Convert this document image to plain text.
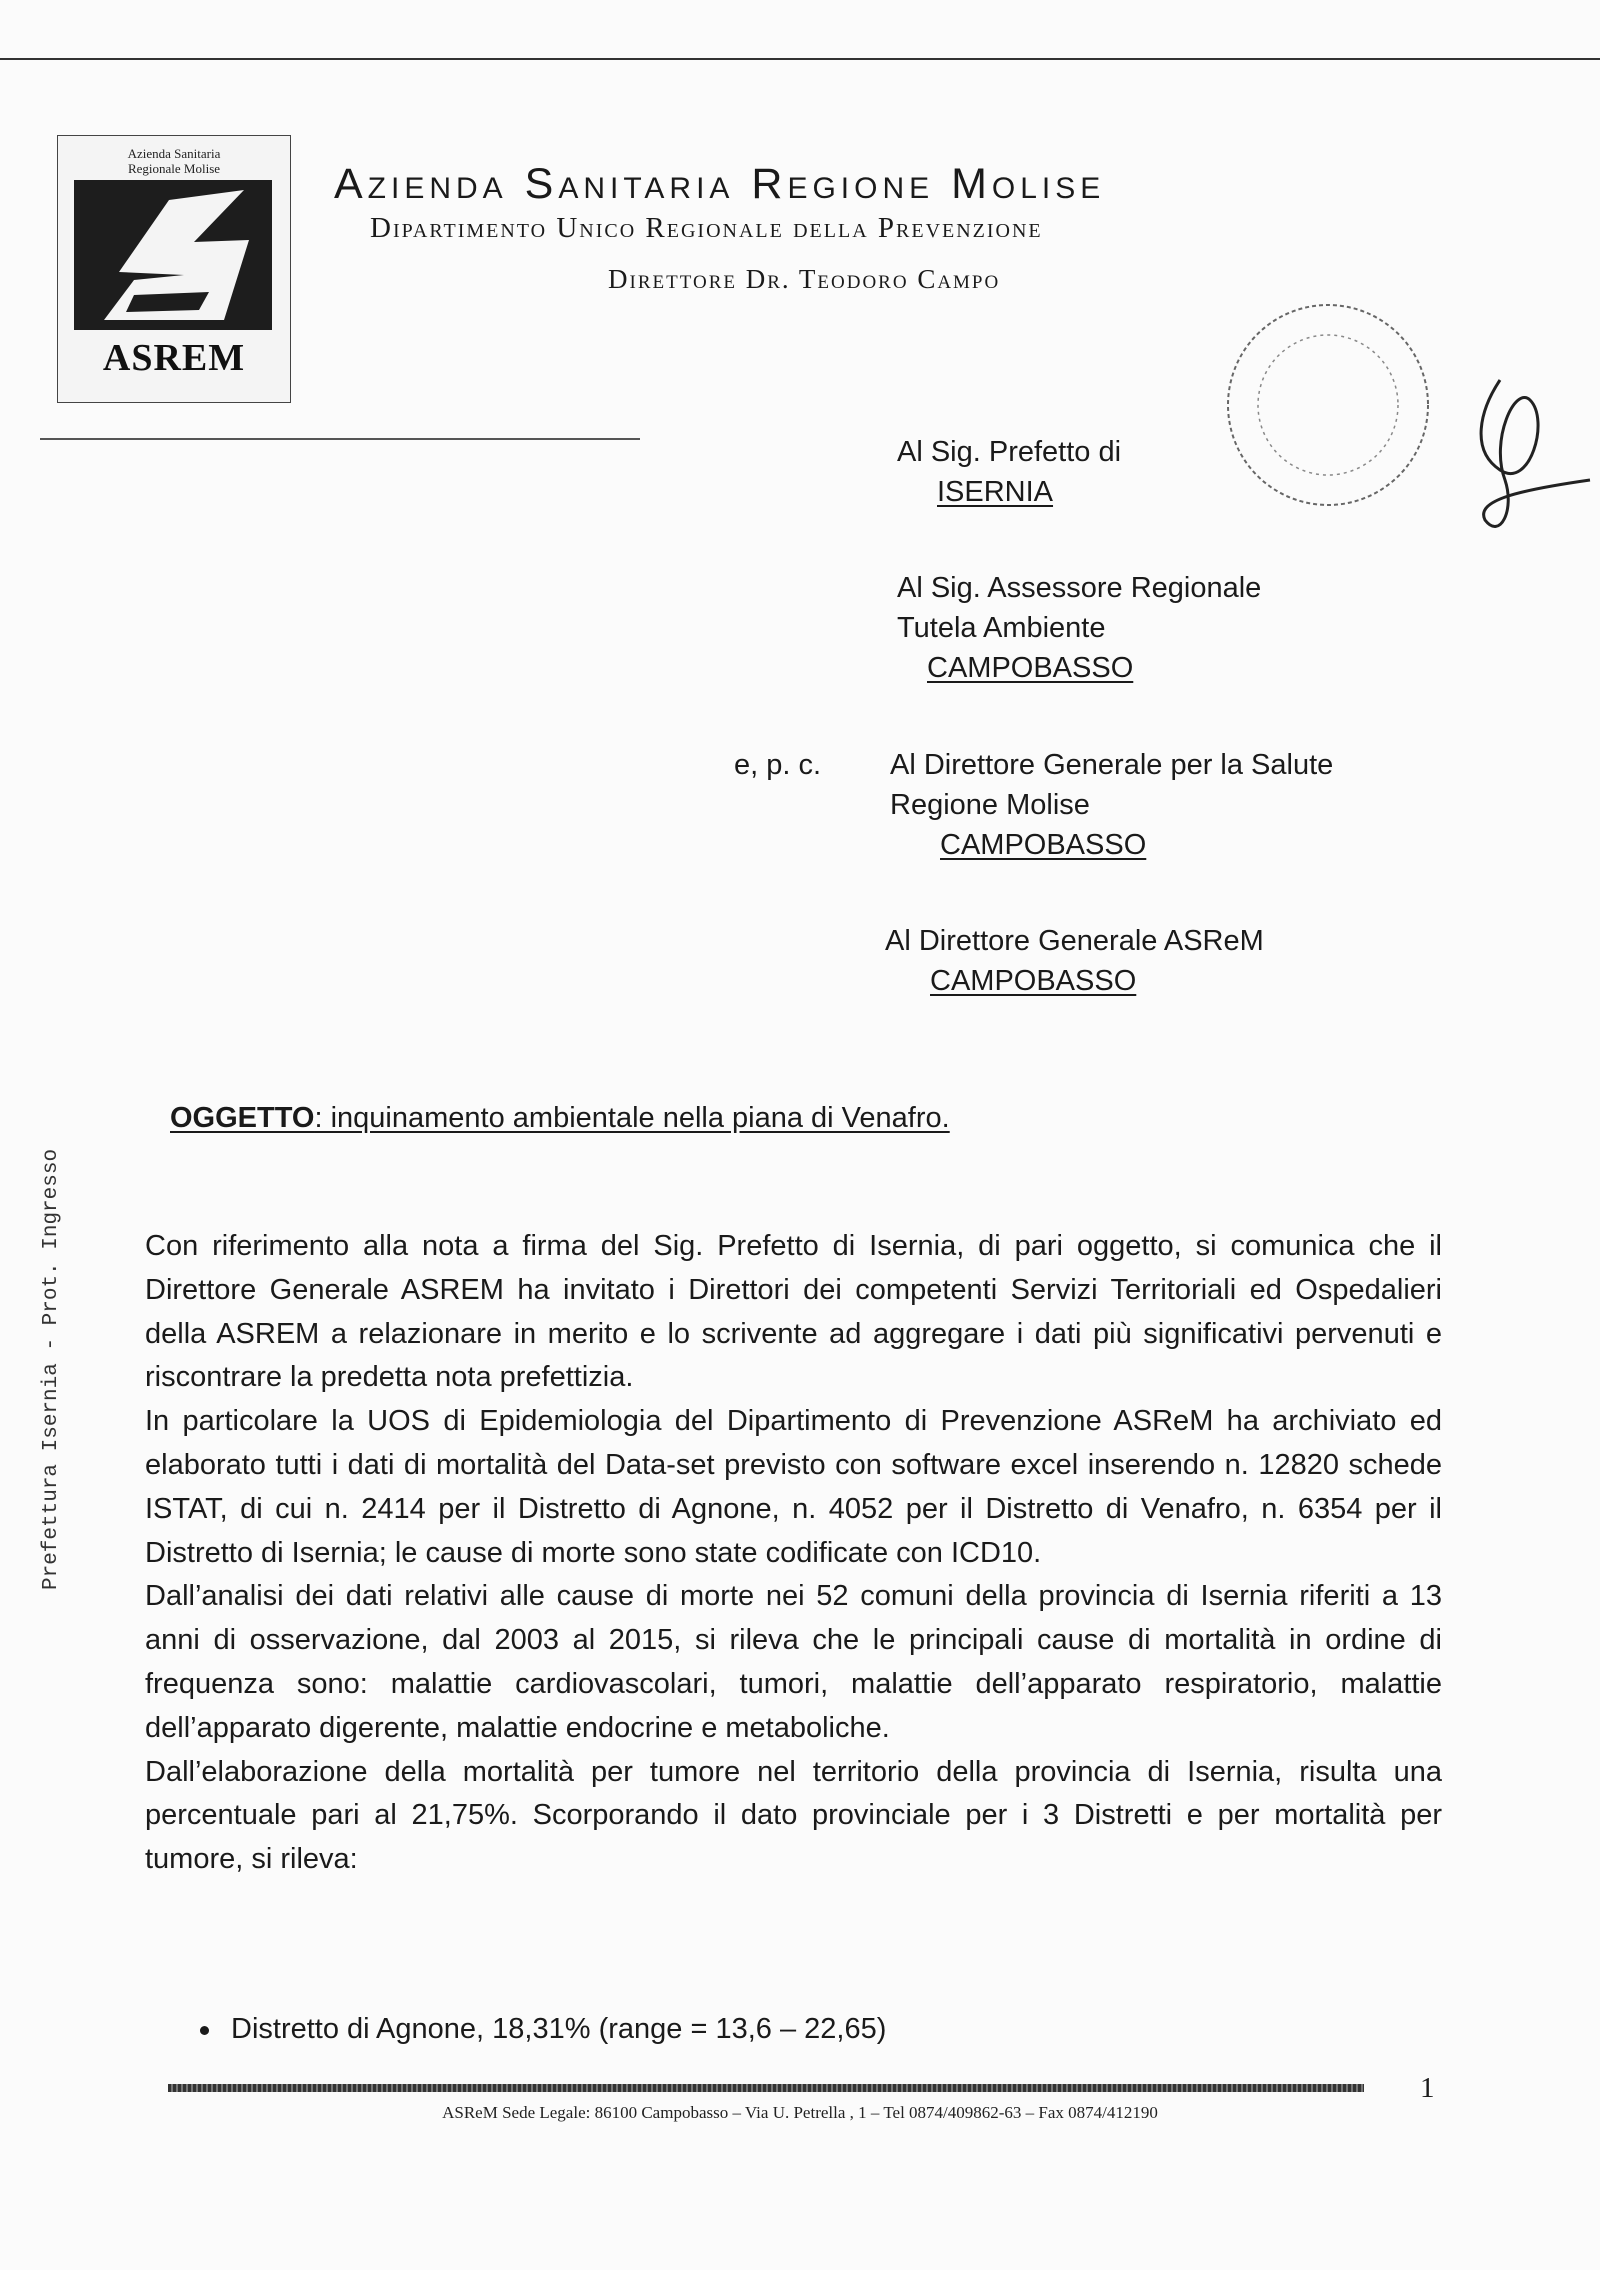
Azienda Sanitaria
Regionale Molise
ASREM
Azienda Sanitaria Regione Molise
Dipartimento Unico Regionale della Prevenzione
Direttore Dr. Teodoro Campo
Al Sig. Prefetto di
ISERNIA
Al Sig. Assessore Regionale
Tutela Ambiente
CAMPOBASSO
e, p. c. Al Direttore Generale per la Salute
Regione Molise
CAMPOBASSO
Al Direttore Generale ASReM
CAMPOBASSO
OGGETTO: inquinamento ambientale nella piana di Venafro.
Con riferimento alla nota a firma del Sig. Prefetto di Isernia, di pari oggetto, si comunica che il Direttore Generale ASREM ha invitato i Direttori dei competenti Servizi Territoriali ed Ospedalieri della ASREM a relazionare in merito e lo scrivente ad aggregare i dati più significativi pervenuti e riscontrare la predetta nota prefettizia.
In particolare la UOS di Epidemiologia del Dipartimento di Prevenzione ASReM ha archiviato ed elaborato tutti i dati di mortalità del Data-set previsto con software excel inserendo n. 12820 schede ISTAT, di cui n. 2414 per il Distretto di Agnone, n. 4052 per il Distretto di Venafro, n. 6354 per il Distretto di Isernia; le cause di morte sono state codificate con ICD10.
Dall’analisi dei dati relativi alle cause di morte nei 52 comuni della provincia di Isernia riferiti a 13 anni di osservazione, dal 2003 al 2015, si rileva che le principali cause di mortalità in ordine di frequenza sono: malattie cardiovascolari, tumori, malattie dell’apparato respiratorio, malattie dell’apparato digerente, malattie endocrine e metaboliche.
Dall’elaborazione della mortalità per tumore nel territorio della provincia di Isernia, risulta una percentuale pari al 21,75%. Scorporando il dato provinciale per i 3 Distretti e per mortalità per tumore, si rileva:
Distretto di Agnone, 18,31% (range = 13,6 – 22,65)
Prefettura Isernia - Prot. Ingresso
1
ASReM Sede Legale: 86100 Campobasso – Via U. Petrella , 1 – Tel 0874/409862-63 – Fax 0874/412190
